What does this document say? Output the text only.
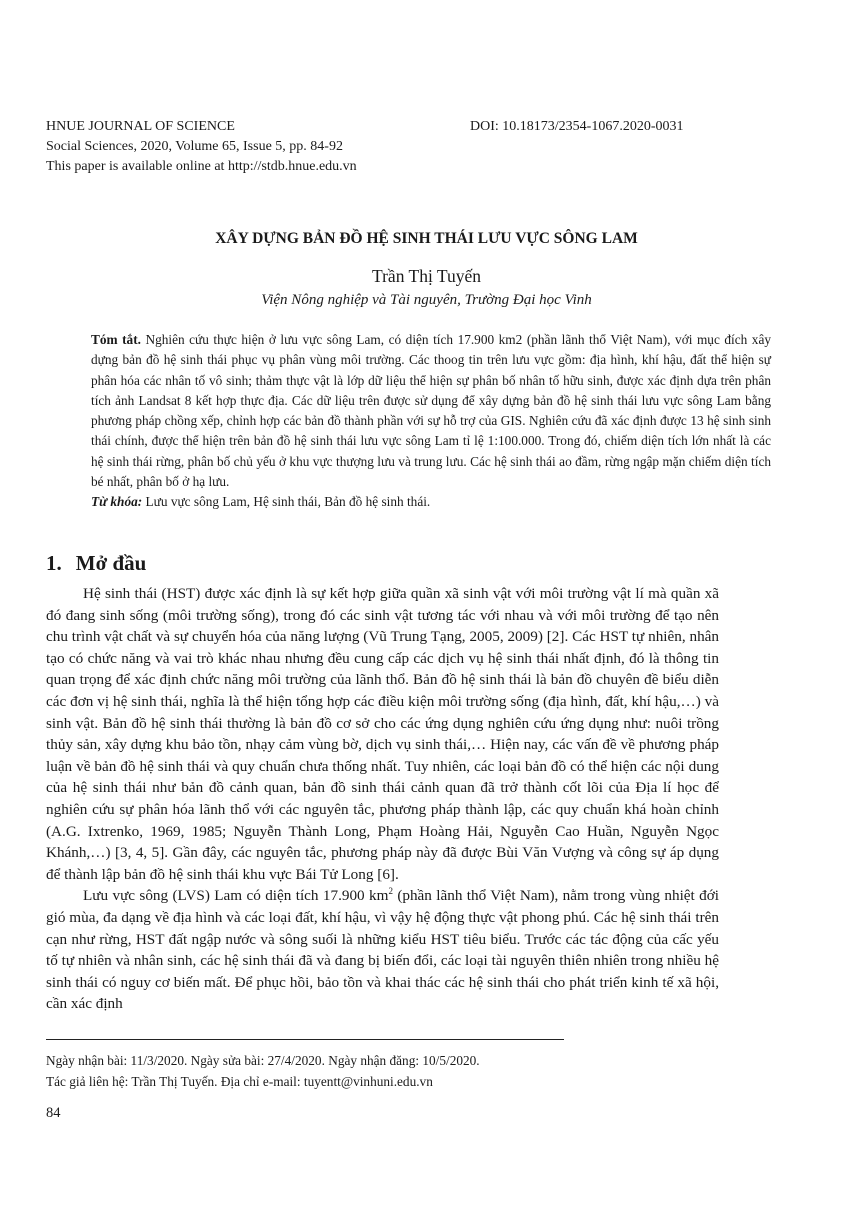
HNUE JOURNAL OF SCIENCE	DOI: 10.18173/2354-1067.2020-0031
Social Sciences, 2020, Volume 65, Issue 5, pp. 84-92
This paper is available online at http://stdb.hnue.edu.vn
XÂY DỰNG BẢN ĐỒ HỆ SINH THÁI LƯU VỰC SÔNG LAM
Trần Thị Tuyến
Viện Nông nghiệp và Tài nguyên, Trường Đại học Vinh

Tóm tắt. Nghiên cứu thực hiện ở lưu vực sông Lam, có diện tích 17.900 km2 (phần lãnh thổ Việt Nam), với mục đích xây dựng bản đồ hệ sinh thái phục vụ phân vùng môi trường. Các thoog tin trên lưu vực gồm: địa hình, khí hậu, đất thể hiện sự phân hóa các nhân tố vô sinh; thảm thực vật là lớp dữ liệu thể hiện sự phân bố nhân tố hữu sinh, được xác định dựa trên phân tích ảnh Landsat 8 kết hợp thực địa. Các dữ liệu trên được sử dụng để xây dựng bản đồ hệ sinh thái lưu vực sông Lam bằng phương pháp chồng xếp, chỉnh hợp các bản đồ thành phần với sự hỗ trợ của GIS. Nghiên cứu đã xác định được 13 hệ sinh sinh thái chính, được thể hiện trên bản đồ hệ sinh thái lưu vực sông Lam tỉ lệ 1:100.000. Trong đó, chiếm diện tích lớn nhất là các hệ sinh thái rừng, phân bố chủ yếu ở khu vực thượng lưu và trung lưu. Các hệ sinh thái ao đầm, rừng ngập mặn chiếm diện tích bé nhất, phân bố ở hạ lưu.

Từ khóa: Lưu vực sông Lam, Hệ sinh thái, Bản đồ hệ sinh thái.

1. Mở đầu

Hệ sinh thái (HST) được xác định là sự kết hợp giữa quần xã sinh vật với môi trường vật lí mà quần xã đó đang sinh sống (môi trường sống), trong đó các sinh vật tương tác với nhau và với môi trường để tạo nên chu trình vật chất và sự chuyển hóa của năng lượng (Vũ Trung Tạng, 2005, 2009) [2]. Các HST tự nhiên, nhân tạo có chức năng và vai trò khác nhau nhưng đều cung cấp các dịch vụ hệ sinh thái nhất định, đó là thông tin quan trọng để xác định chức năng môi trường của lãnh thổ. Bản đồ hệ sinh thái là bản đồ chuyên đề biểu diễn các đơn vị hệ sinh thái, nghĩa là thể hiện tổng hợp các điều kiện môi trường sống (địa hình, đất, khí hậu,…) và sinh vật. Bản đồ hệ sinh thái thường là bản đồ cơ sở cho các ứng dụng nghiên cứu ứng dụng như: nuôi trồng thủy sản, xây dựng khu bảo tồn, nhạy cảm vùng bờ, dịch vụ sinh thái,… Hiện nay, các vấn đề về phương pháp luận về bản đồ hệ sinh thái và quy chuẩn chưa thống nhất. Tuy nhiên, các loại bản đồ có thể hiện các nội dung của hệ sinh thái như bản đồ cảnh quan, bản đồ sinh thái cảnh quan đã trở thành cốt lõi của Địa lí học để nghiên cứu sự phân hóa lãnh thổ với các nguyên tắc, phương pháp thành lập, các quy chuẩn khá hoàn chỉnh (A.G. Ixtrenko, 1969, 1985; Nguyễn Thành Long, Phạm Hoàng Hải, Nguyễn Cao Huần, Nguyễn Ngọc Khánh,…) [3, 4, 5]. Gần đây, các nguyên tắc, phương pháp này đã được Bùi Văn Vượng và công sự áp dụng để thành lập bản đồ hệ sinh thái khu vực Bái Tử Long [6].

Lưu vực sông (LVS) Lam có diện tích 17.900 $km^2$ (phần lãnh thổ Việt Nam), nằm trong vùng nhiệt đới gió mùa, đa dạng về địa hình và các loại đất, khí hậu, vì vậy hệ động thực vật phong phú. Các hệ sinh thái trên cạn như rừng, HST đất ngập nước và sông suối là những kiểu HST tiêu biểu. Trước các tác động của cấc yếu tố tự nhiên và nhân sinh, các hệ sinh thái đã và đang bị biến đổi, các loại tài nguyên thiên nhiên trong nhiều hệ sinh thái có nguy cơ biến mất. Để phục hồi, bảo tồn và khai thác các hệ sinh thái cho phát triển kinh tế xã hội, cần xác định

Ngày nhận bài: 11/3/2020. Ngày sửa bài: 27/4/2020. Ngày nhận đăng: 10/5/2020.
Tác giả liên hệ: Trần Thị Tuyến. Địa chỉ e-mail: tuyentt@vinhuni.edu.vn
84
